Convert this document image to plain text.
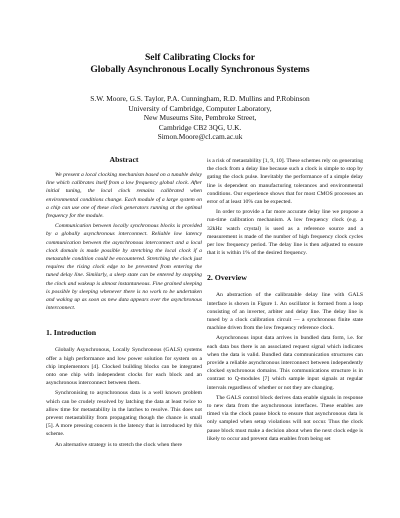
Self Calibrating Clocks for
Globally Asynchronous Locally Synchronous Systems
S.W. Moore, G.S. Taylor, P.A. Cunningham, R.D. Mullins and P.Robinson
University of Cambridge, Computer Laboratory,
New Museums Site, Pembroke Street,
Cambridge CB2 3QG, U.K.
Simon.Moore@cl.cam.ac.uk
Abstract

We present a local clocking mechanism based on a tunable delay line which calibrates itself from a low frequency global clock. After initial tuning, the local clock remains calibrated when environmental conditions change. Each module of a large system on a chip can use one of these clock generators running at the optimal frequency for the module.

Communication between locally synchronous blocks is provided by a globally asynchronous interconnect. Reliable low latency communication between the asynchronous interconnect and a local clock domain is made possible by stretching the local clock if a metastable condition could be encountered. Stretching the clock just requires the rising clock edge to be prevented from entering the tuned delay line. Similarly, a sleep state can be entered by stopping the clock and wakeup is almost instantaneous. Fine grained sleeping is possible by sleeping whenever there is no work to be undertaken and waking up as soon as new data appears over the asynchronous interconnect.

1. Introduction

Globally Asynchronous, Locally Synchronous (GALS) systems offer a high performance and low power solution for system on a chip implementors [4]. Clocked building blocks can be integrated onto one chip with independent clocks for each block and an asynchronous interconnect between them.

Synchronising to asynchronous data is a well known problem which can be crudely resolved by latching the data at least twice to allow time for metastability in the latches to resolve. This does not prevent metastability from propagating though the chance is small [5]. A more pressing concern is the latency that is introduced by this scheme.

An alternative strategy is to stretch the clock when there

is a risk of metastability [1, 9, 10]. These schemes rely on generating the clock from a delay line because such a clock is simple to stop by gating the clock pulse. Inevitably the performance of a simple delay line is dependent on manufacturing tolerances and environmental conditions. Our experience shows that for most CMOS processes an error of at least 10% can be expected.

In order to provide a far more accurate delay line we propose a run-time calibration mechanism. A low frequency clock (e.g. a 32kHz watch crystal) is used as a reference source and a measurement is made of the number of high frequency clock cycles per low frequency period. The delay line is then adjusted to ensure that it is within 1% of the desired frequency.

2. Overview

An abstraction of the calibratable delay line with GALS interface is shown in Figure 1. An oscillator is formed from a loop consisting of an inverter, arbiter and delay line. The delay line is tuned by a clock calibration circuit — a synchronous finite state machine driven from the low frequency reference clock.

Asynchronous input data arrives in bundled data form, i.e. for each data bus there is an associated request signal which indicates when the data is valid. Bundled data communication structures can provide a reliable asynchronous interconnect between independently clocked synchronous domains. This communications structure is in contrast to Q-modules [7] which sample input signals at regular intervals regardless of whether or not they are changing.

The GALS control block derives data enable signals in response to new data from the asynchronous interfaces. These enables are timed via the clock pause block to ensure that asynchronous data is only sampled when setup violations will not occur. Thus the clock pause block must make a decision about when the next clock edge is likely to occur and prevent data enables from being set
